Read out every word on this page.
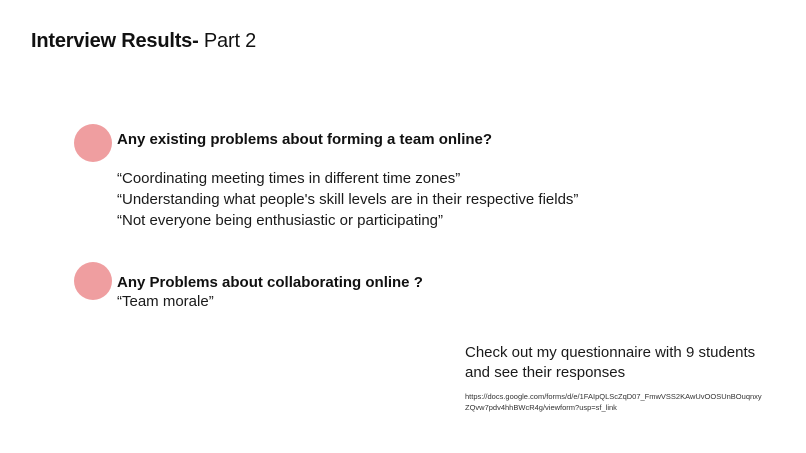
Interview Results- Part 2
Any existing problems about forming a team online?
“Coordinating meeting times in different time zones”
“Understanding what people's skill levels are in their respective fields”
“Not everyone being enthusiastic or participating”
Any Problems about collaborating online ?
“Team morale”
Check out my questionnaire with 9 students
and see their responses
https://docs.google.com/forms/d/e/1FAIpQLScZqD07_FmwVSS2KAwUvOOSUnBOuqnxy
ZQvw7pdv4hhBWcR4g/viewform?usp=sf_link
